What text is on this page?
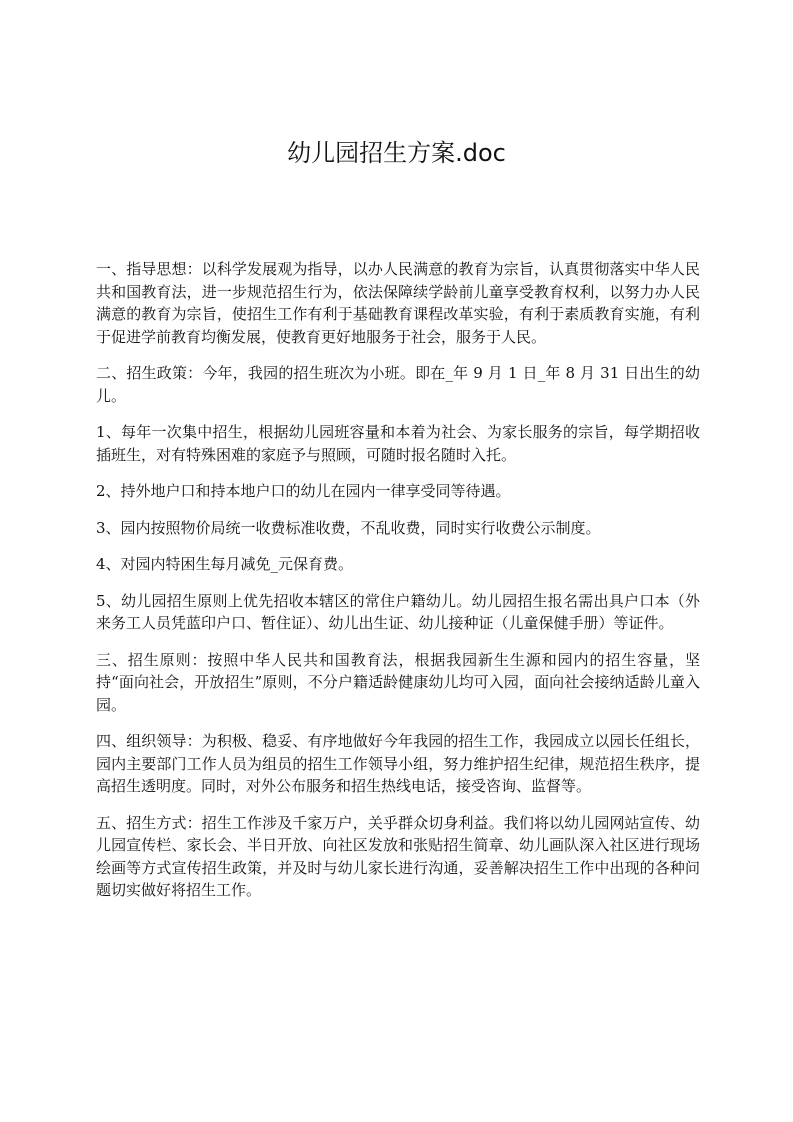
幼儿园招生方案.doc

一、指导思想：以科学发展观为指导，以办人民满意的教育为宗旨，认真贯彻落实中华人民共和国教育法，进一步规范招生行为，依法保障续学龄前儿童享受教育权利，以努力办人民满意的教育为宗旨，使招生工作有利于基础教育课程改革实验，有利于素质教育实施，有利于促进学前教育均衡发展，使教育更好地服务于社会，服务于人民。

二、招生政策：今年，我园的招生班次为小班。即在_年 9 月 1 日_年 8 月 31 日出生的幼儿。

1、每年一次集中招生，根据幼儿园班容量和本着为社会、为家长服务的宗旨，每学期招收插班生，对有特殊困难的家庭予与照顾，可随时报名随时入托。

2、持外地户口和持本地户口的幼儿在园内一律享受同等待遇。

3、园内按照物价局统一收费标准收费，不乱收费，同时实行收费公示制度。

4、对园内特困生每月减免_元保育费。

5、幼儿园招生原则上优先招收本辖区的常住户籍幼儿。幼儿园招生报名需出具户口本（外来务工人员凭蓝印户口、暂住证）、幼儿出生证、幼儿接种证（儿童保健手册）等证件。

三、招生原则：按照中华人民共和国教育法，根据我园新生生源和园内的招生容量，坚持“面向社会，开放招生”原则，不分户籍适龄健康幼儿均可入园，面向社会接纳适龄儿童入园。

四、组织领导：为积极、稳妥、有序地做好今年我园的招生工作，我园成立以园长任组长，园内主要部门工作人员为组员的招生工作领导小组，努力维护招生纪律，规范招生秩序，提高招生透明度。同时，对外公布服务和招生热线电话，接受咨询、监督等。

五、招生方式：招生工作涉及千家万户，关乎群众切身利益。我们将以幼儿园网站宣传、幼儿园宣传栏、家长会、半日开放、向社区发放和张贴招生简章、幼儿画队深入社区进行现场绘画等方式宣传招生政策，并及时与幼儿家长进行沟通，妥善解决招生工作中出现的各种问题切实做好将招生工作。
